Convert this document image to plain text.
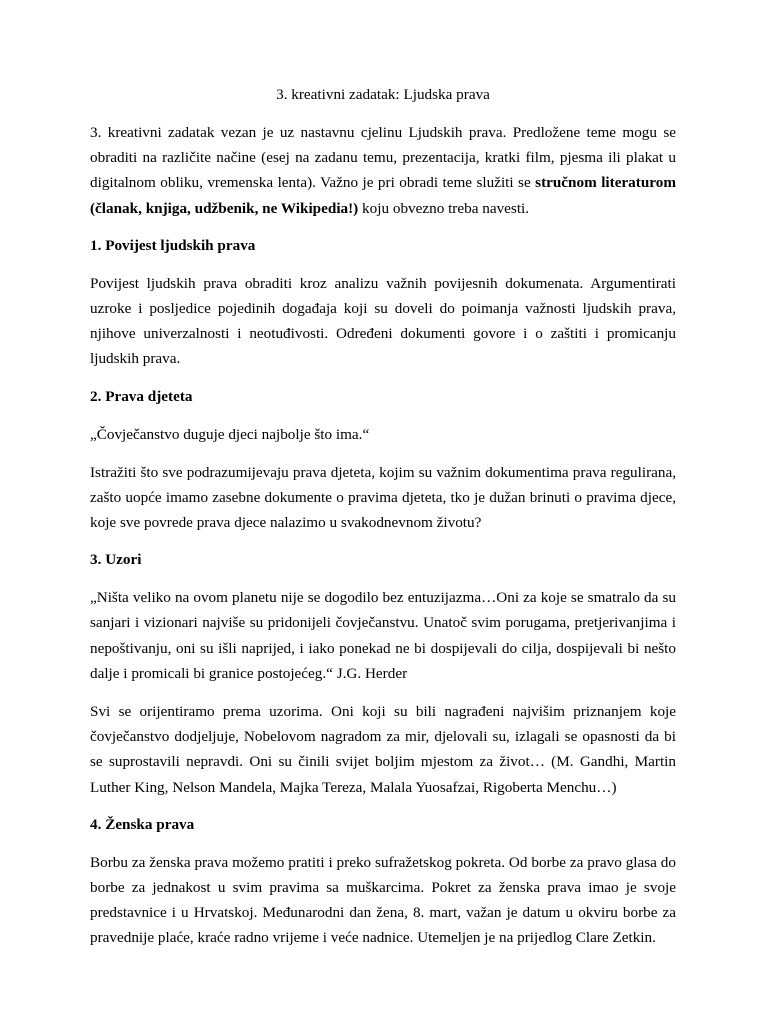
3. kreativni zadatak: Ljudska prava

3. kreativni zadatak vezan je uz nastavnu cjelinu Ljudskih prava. Predložene teme mogu se obraditi na različite načine (esej na zadanu temu, prezentacija, kratki film, pjesma ili plakat u digitalnom obliku, vremenska lenta). Važno je pri obradi teme služiti se stručnom literaturom (članak, knjiga, udžbenik, ne Wikipedia!) koju obvezno treba navesti.

1. Povijest ljudskih prava

Povijest ljudskih prava obraditi kroz analizu važnih povijesnih dokumenata. Argumentirati uzroke i posljedice pojedinih događaja koji su doveli do poimanja važnosti ljudskih prava, njihove univerzalnosti i neotuđivosti. Određeni dokumenti govore i o zaštiti i promicanju ljudskih prava.

2. Prava djeteta

„Čovječanstvo duguje djeci najbolje što ima.“

Istražiti što sve podrazumijevaju prava djeteta, kojim su važnim dokumentima prava regulirana, zašto uopće imamo zasebne dokumente o pravima djeteta, tko je dužan brinuti o pravima djece, koje sve povrede prava djece nalazimo u svakodnevnom životu?

3. Uzori

„Ništa veliko na ovom planetu nije se dogodilo bez entuzijazma…Oni za koje se smatralo da su sanjari i vizionari najviše su pridonijeli čovječanstvu. Unatoč svim porugama, pretjerivanjima i nepoštivanju, oni su išli naprijed, i iako ponekad ne bi dospijevali do cilja, dospijevali bi nešto dalje i promicali bi granice postojećeg.“ J.G. Herder

Svi se orijentiramo prema uzorima. Oni koji su bili nagrađeni najvišim priznanjem koje čovječanstvo dodjeljuje, Nobelovom nagradom za mir, djelovali su, izlagali se opasnosti da bi se suprostavili nepravdi. Oni su činili svijet boljim mjestom za život… (M. Gandhi, Martin Luther King, Nelson Mandela, Majka Tereza, Malala Yuosafzai, Rigoberta Menchu…)

4. Ženska prava

Borbu za ženska prava možemo pratiti i preko sufražetskog pokreta. Od borbe za pravo glasa do borbe za jednakost u svim pravima sa muškarcima. Pokret za ženska prava imao je svoje predstavnice i u Hrvatskoj. Međunarodni dan žena, 8. mart, važan je datum u okviru borbe za pravednije plaće, kraće radno vrijeme i veće nadnice. Utemeljen je na prijedlog Clare Zetkin.
